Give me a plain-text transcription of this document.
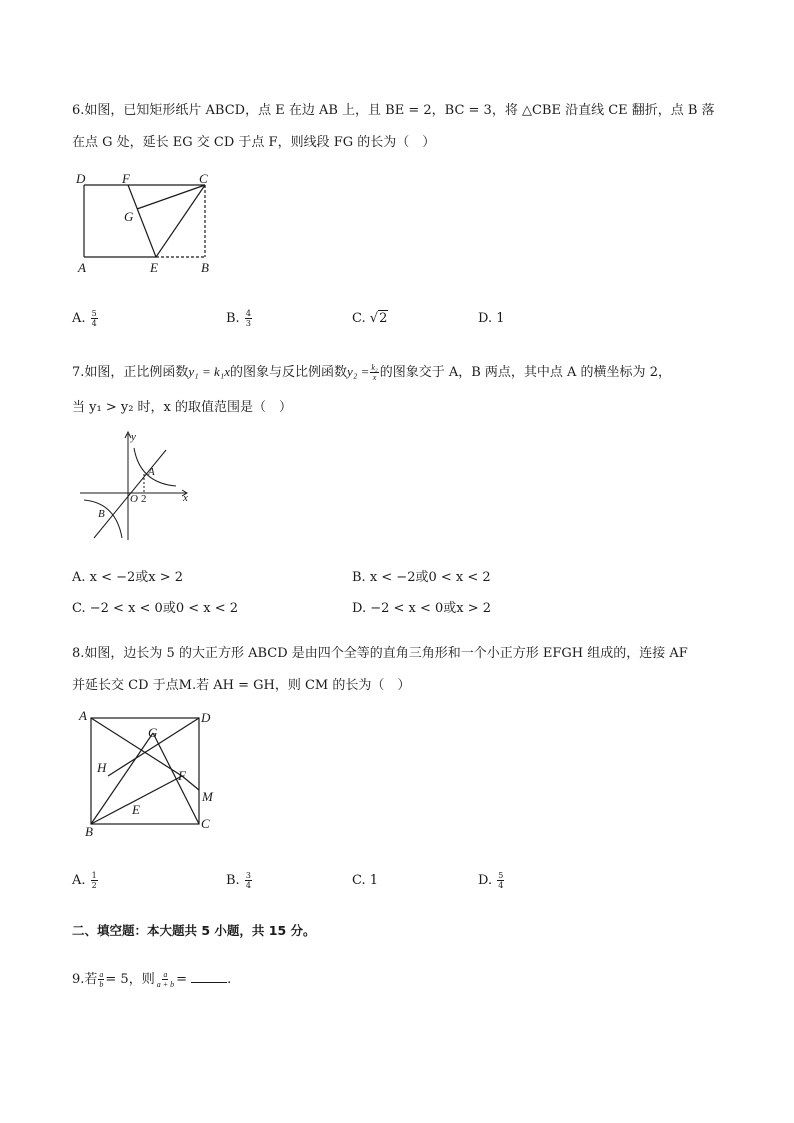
6.如图，已知矩形纸片 ABCD，点 E 在边 AB 上，且 BE = 2，BC = 3，将 △CBE 沿直线 CE 翻折，点 B 落
在点 G 处，延长 EG 交 CD 于点 F，则线段 FG 的长为（　）
D	F	C
G
A	E	B
A. $\frac{5}{4}$	B. $\frac{4}{3}$	C. √2	D. 1
7.如图，正比例函数y₁ = k₁x的图象与反比例函数$y_2 = \frac{\text{k₂}}{x}$ 的图象交于 A，B 两点，其中点 A 的横坐标为 2，
当 y₁ > y₂ 时，x 的取值范围是（　）
y
x
O 2
A
B
A. x < −2或x > 2	B. x < −2或0 < x < 2
C. −2 < x < 0或0 < x < 2	D. −2 < x < 0或x > 2
8.如图，边长为 5 的大正方形 ABCD 是由四个全等的直角三角形和一个小正方形 EFGH 组成的，连接 AF
并延长交 CD 于点M.若 AH = GH，则 CM 的长为（　）
A	D
G
H
F
M
E
B
C
A. $\frac{1}{2}$	B. $\frac{3}{4}$	C. 1	D. $\frac{5}{4}$
二、填空题：本大题共 5 小题，共 15 分。
9.若 $\frac{a}{b} = 5$，则 $\frac{a}{a + b}$ =	.
